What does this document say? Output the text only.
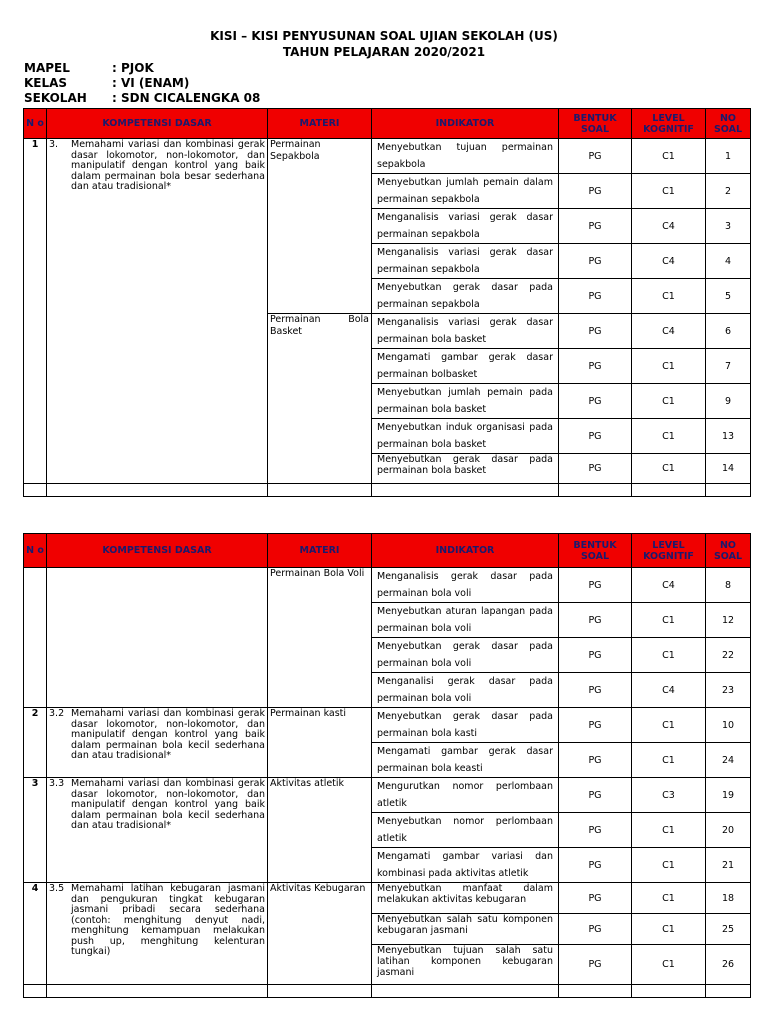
KISI – KISI PENYUSUNAN SOAL UJIAN SEKOLAH (US)
TAHUN PELAJARAN 2020/2021
MAPEL	: PJOK
KELAS	: VI (ENAM)
SEKOLAH : SDN CICALENGKA 08
N o	KOMPETENSI DASAR	MATERI	INDIKATOR	BENTUK SOAL	LEVEL KOGNITIF	NO SOAL
1	3. Memahami variasi dan kombinasi gerak dasar lokomotor, non-lokomotor, dan manipulatif dengan kontrol yang baik dalam permainan bola besar sederhana dan atau tradisional*	Permainan Sepakbola	Menyebutkan tujuan permainan sepakbola	PG	C1	1

			Menyebutkan jumlah pemain dalam permainan sepakbola	PG	C1	2

			Menganalisis variasi gerak dasar permainan sepakbola	PG	C4	3

			Menganalisis variasi gerak dasar permainan sepakbola	PG	C4	4

			Menyebutkan gerak dasar pada permainan sepakbola	PG	C1	5

		Permainan Bola Basket	Menganalisis variasi gerak dasar permainan bola basket	PG	C4	6

			Mengamati gambar gerak dasar permainan bolbasket	PG	C1	7

			Menyebutkan jumlah pemain pada permainan bola basket	PG	C1	9

			Menyebutkan induk organisasi pada permainan bola basket	PG	C1	13

			Menyebutkan gerak dasar pada permainan bola basket	PG	C1	14

N o	KOMPETENSI DASAR	MATERI	INDIKATOR	BENTUK SOAL	LEVEL KOGNITIF	NO SOAL

		Permainan Bola Voli	Menganalisis gerak dasar pada permainan bola voli	PG	C4	8

			Menyebutkan aturan lapangan pada permainan bola voli	PG	C1	12

			Menyebutkan gerak dasar pada permainan bola voli	PG	C1	22

			Menganalisi gerak dasar pada permainan bola voli	PG	C4	23
2	3.2 Memahami variasi dan kombinasi gerak dasar lokomotor, non-lokomotor, dan manipulatif dengan kontrol yang baik dalam permainan bola kecil sederhana dan atau tradisional*	Permainan kasti	Menyebutkan gerak dasar pada permainan bola kasti	PG	C1	10

			Mengamati gambar gerak dasar permainan bola keasti	PG	C1	24
3	3.3 Memahami variasi dan kombinasi gerak dasar lokomotor, non-lokomotor, dan manipulatif dengan kontrol yang baik dalam permainan bola kecil sederhana dan atau tradisional*	Aktivitas atletik	Mengurutkan nomor perlombaan atletik	PG	C3	19

			Menyebutkan nomor perlombaan atletik	PG	C1	20

			Mengamati gambar variasi dan kombinasi pada aktivitas atletik	PG	C1	21
4	3.5 Memahami latihan kebugaran jasmani dan pengukuran tingkat kebugaran jasmani pribadi secara sederhana (contoh: menghitung denyut nadi, menghitung kemampuan melakukan push up, menghitung kelenturan tungkai)	Aktivitas Kebugaran	Menyebutkan manfaat dalam melakukan aktivitas kebugaran	PG	C1	18

			Menyebutkan salah satu komponen kebugaran jasmani	PG	C1	25

			Menyebutkan tujuan salah satu latihan komponen kebugaran jasmani	PG	C1	26
